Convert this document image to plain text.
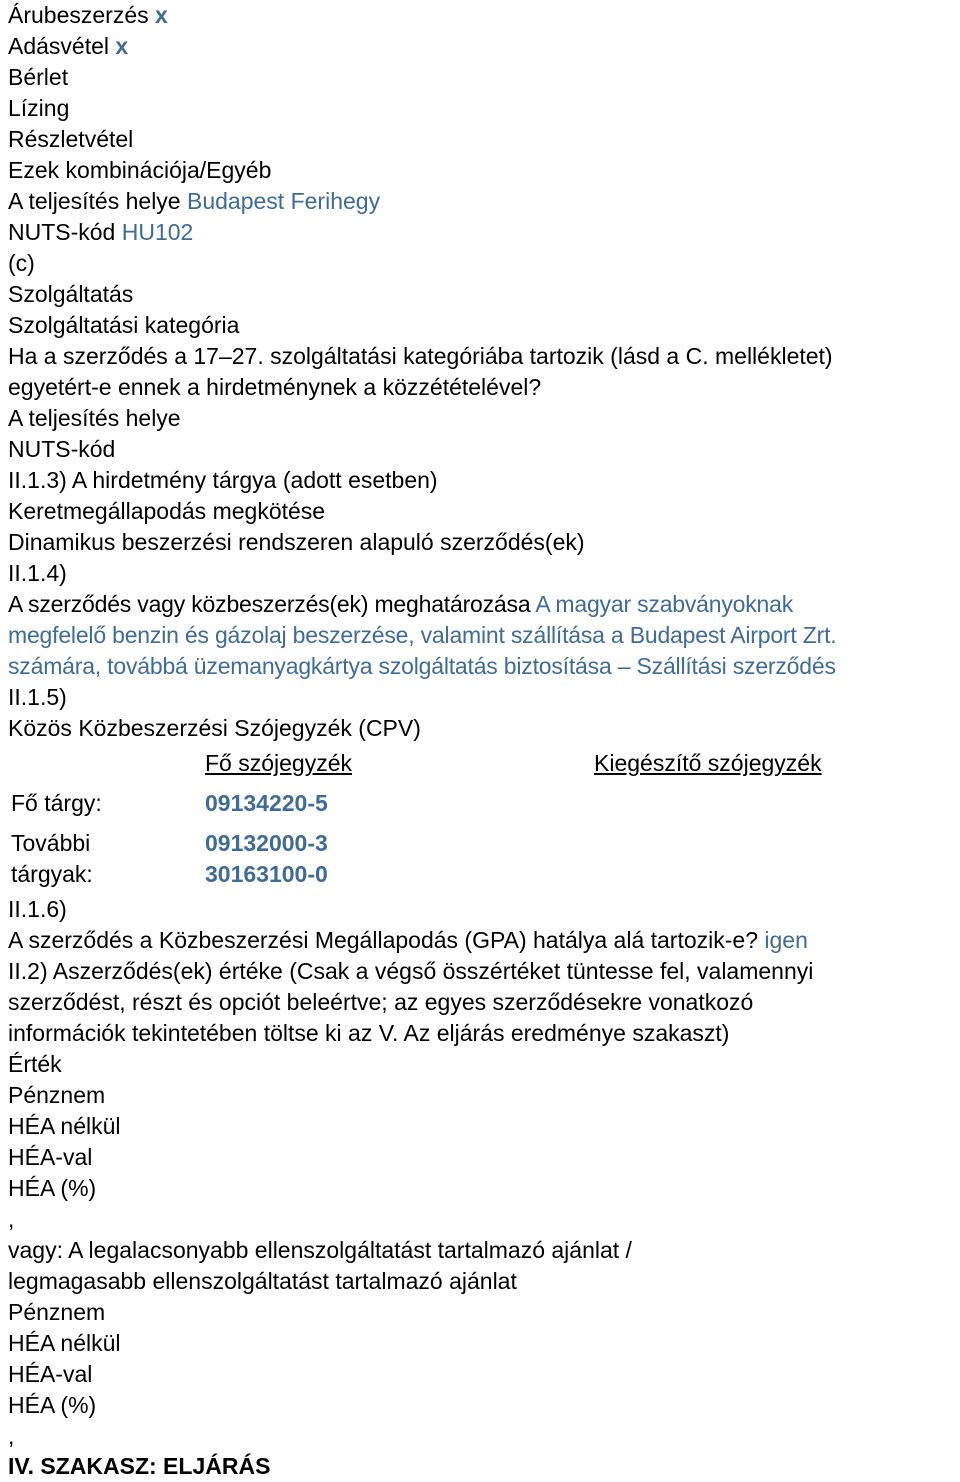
Árubeszerzés x
Adásvétel x
Bérlet
Lízing
Részletvétel
Ezek kombinációja/Egyéb
A teljesítés helye Budapest Ferihegy
NUTS-kód HU102
(c)
Szolgáltatás
Szolgáltatási kategória
Ha a szerződés a 17–27. szolgáltatási kategóriába tartozik (lásd a C. mellékletet)
egyetért-e ennek a hirdetménynek a közzétételével?
A teljesítés helye
NUTS-kód
II.1.3) A hirdetmény tárgya (adott esetben)
Keretmegállapodás megkötése
Dinamikus beszerzési rendszeren alapuló szerződés(ek)
II.1.4)
A szerződés vagy közbeszerzés(ek) meghatározása A magyar szabványoknak
megfelelő benzin és gázolaj beszerzése, valamint szállítása a Budapest Airport Zrt.
számára, továbbá üzemanyagkártya szolgáltatás biztosítása – Szállítási szerződés
II.1.5)
Közös Közbeszerzési Szójegyzék (CPV)
Fő szójegyzék	Kiegészítő szójegyzék
Fő tárgy:	09134220-5
További
tárgyak:
09132000-3
30163100-0
II.1.6)
A szerződés a Közbeszerzési Megállapodás (GPA) hatálya alá tartozik-e? igen
II.2) Aszerződés(ek) értéke (Csak a végső összértéket tüntesse fel, valamennyi
szerződést, részt és opciót beleértve; az egyes szerződésekre vonatkozó
információk tekintetében töltse ki az V. Az eljárás eredménye szakaszt)
Érték
Pénznem
HÉA nélkül
HÉA-val
HÉA (%)
,
vagy: A legalacsonyabb ellenszolgáltatást tartalmazó ajánlat /
legmagasabb ellenszolgáltatást tartalmazó ajánlat
Pénznem
HÉA nélkül
HÉA-val
HÉA (%)
,
IV. SZAKASZ: ELJÁRÁS
